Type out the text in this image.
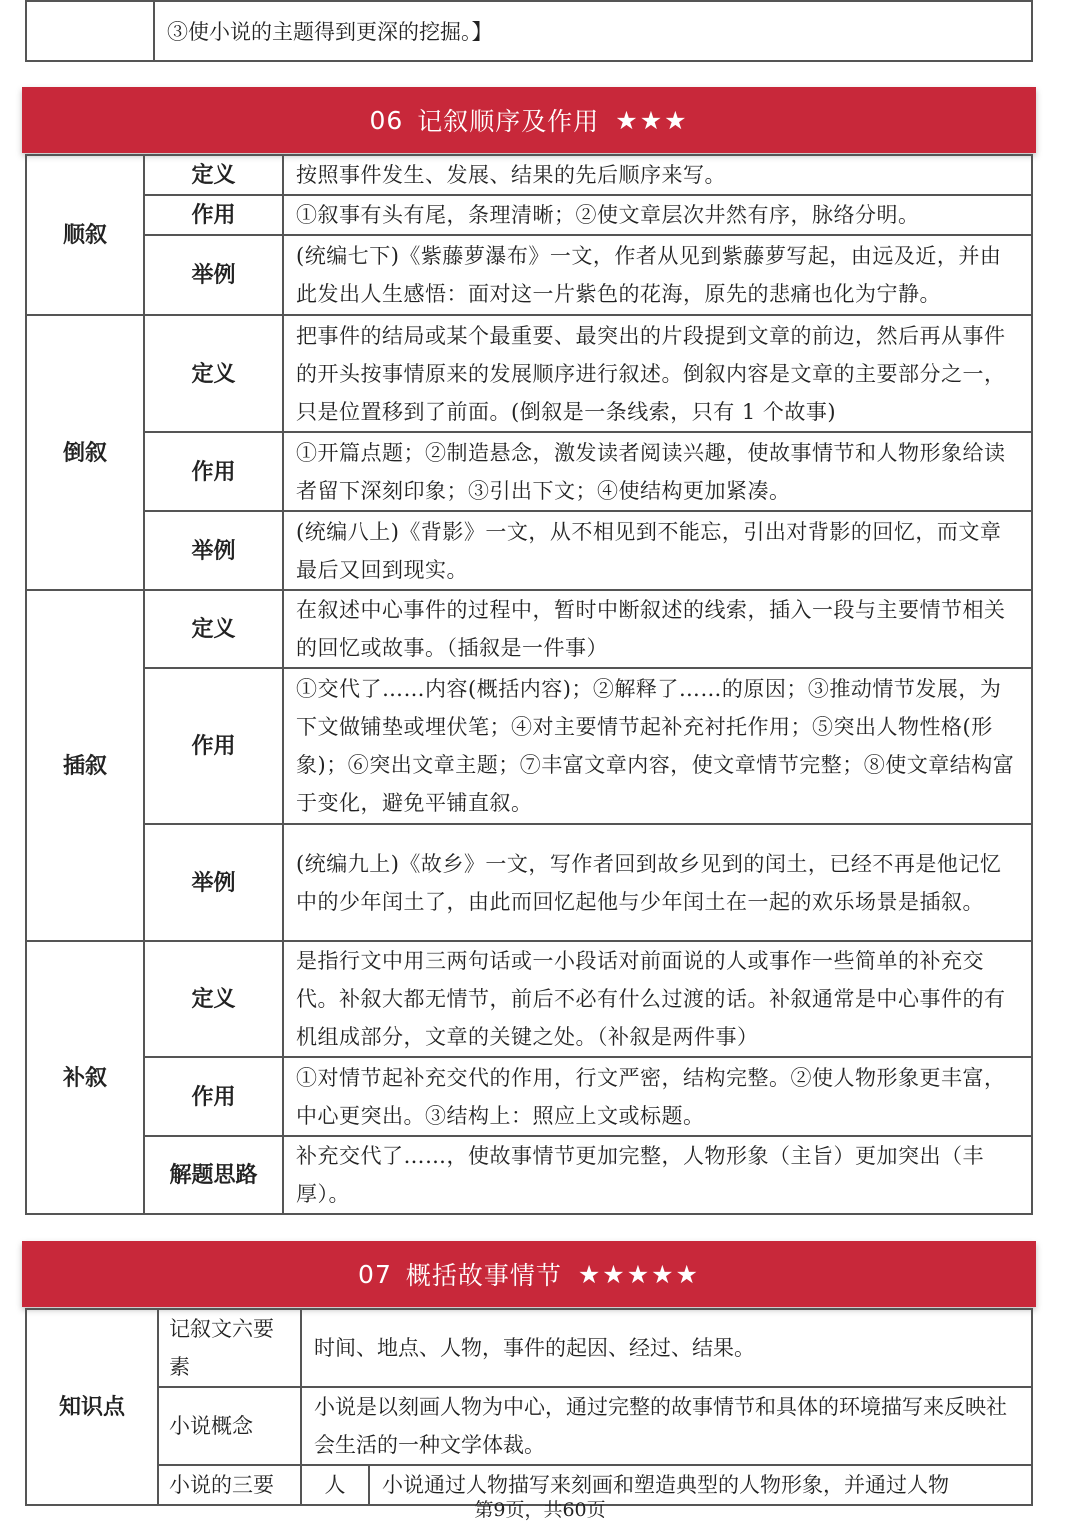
	③使小说的主题得到更深的挖掘。】
06 记叙顺序及作用 ★★★
顺叙	定义	按照事件发生、发展、结果的先后顺序来写。
	作用	①叙事有头有尾，条理清晰；②使文章层次井然有序，脉络分明。
	举例	(统编七下)《紫藤萝瀑布》一文，作者从见到紫藤萝写起，由远及近，并由此发出人生感悟：面对这一片紫色的花海，原先的悲痛也化为宁静。
倒叙	定义	把事件的结局或某个最重要、最突出的片段提到文章的前边，然后再从事件的开头按事情原来的发展顺序进行叙述。倒叙内容是文章的主要部分之一，只是位置移到了前面。(倒叙是一条线索，只有 1 个故事)
	作用	①开篇点题；②制造悬念，激发读者阅读兴趣，使故事情节和人物形象给读者留下深刻印象；③引出下文；④使结构更加紧凑。
	举例	(统编八上)《背影》一文，从不相见到不能忘，引出对背影的回忆，而文章最后又回到现实。
插叙	定义	在叙述中心事件的过程中，暂时中断叙述的线索，插入一段与主要情节相关的回忆或故事。（插叙是一件事）
	作用	①交代了……内容(概括内容)；②解释了……的原因；③推动情节发展，为下文做铺垫或埋伏笔；④对主要情节起补充衬托作用；⑤突出人物性格(形象)；⑥突出文章主题；⑦丰富文章内容，使文章情节完整；⑧使文章结构富于变化，避免平铺直叙。
	举例	(统编九上)《故乡》一文，写作者回到故乡见到的闰土，已经不再是他记忆中的少年闰土了，由此而回忆起他与少年闰土在一起的欢乐场景是插叙。
补叙	定义	是指行文中用三两句话或一小段话对前面说的人或事作一些简单的补充交代。补叙大都无情节，前后不必有什么过渡的话。补叙通常是中心事件的有机组成部分，文章的关键之处。（补叙是两件事）
	作用	①对情节起补充交代的作用，行文严密，结构完整。②使人物形象更丰富，中心更突出。③结构上：照应上文或标题。
	解题思路	补充交代了……，使故事情节更加完整，人物形象（主旨）更加突出（丰厚）。
07 概括故事情节 ★★★★★
知识点	记叙文六要素	时间、地点、人物，事件的起因、经过、结果。	
	小说概念	小说是以刻画人物为中心，通过完整的故事情节和具体的环境描写来反映社会生活的一种文学体裁。	
	小说的三要	人	小说通过人物描写来刻画和塑造典型的人物形象，并通过人物
第9页，共60页
